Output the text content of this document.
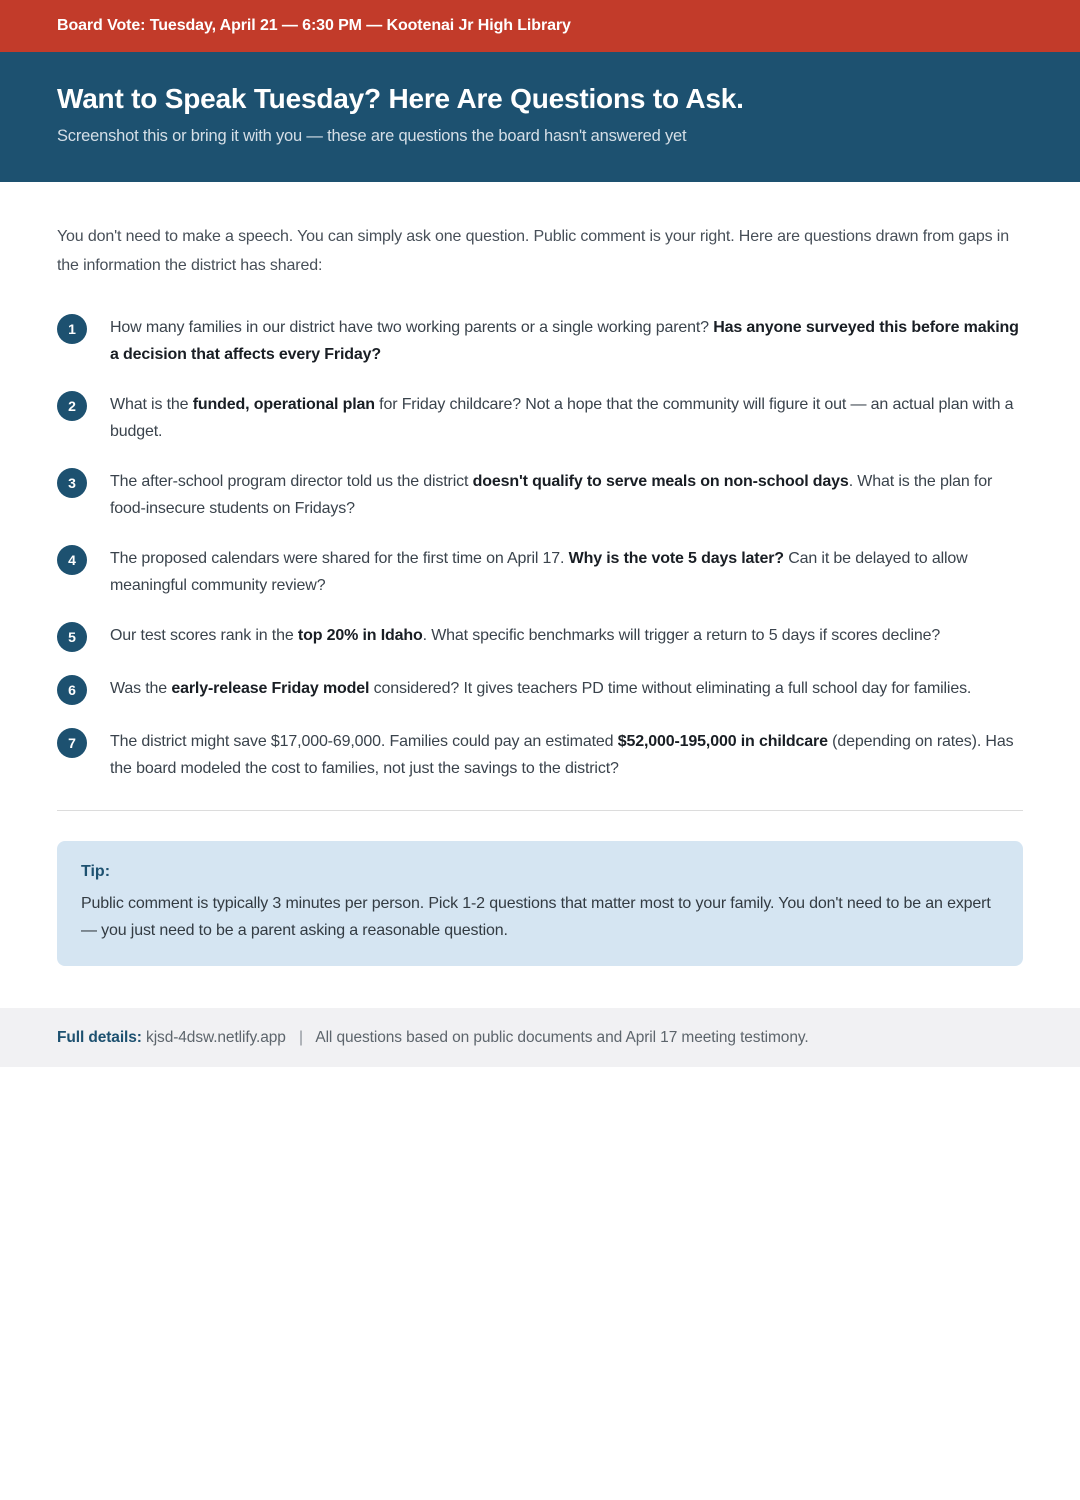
Board Vote: Tuesday, April 21 — 6:30 PM — Kootenai Jr High Library
Want to Speak Tuesday? Here Are Questions to Ask.

Screenshot this or bring it with you — these are questions the board hasn't answered yet

You don't need to make a speech. You can simply ask one question. Public comment is your right. Here are questions drawn from gaps in the information the district has shared:

1	How many families in our district have two working parents or a single working parent? Has anyone surveyed this before making a decision that affects every Friday?
2	What is the funded, operational plan for Friday childcare? Not a hope that the community will figure it out — an actual plan with a budget.
3	The after-school program director told us the district doesn't qualify to serve meals on non-school days. What is the plan for food-insecure students on Fridays?
4	The proposed calendars were shared for the first time on April 17. Why is the vote 5 days later? Can it be delayed to allow meaningful community review?
5	Our test scores rank in the top 20% in Idaho. What specific benchmarks will trigger a return to 5 days if scores decline?
6	Was the early-release Friday model considered? It gives teachers PD time without eliminating a full school day for families.
7	The district might save $17,000-69,000. Families could pay an estimated $52,000-195,000 in childcare (depending on rates). Has the board modeled the cost to families, not just the savings to the district?

Tip:

Public comment is typically 3 minutes per person. Pick 1-2 questions that matter most to your family. You don't need to be an expert — you just need to be a parent asking a reasonable question.

Full details: kjsd-4dsw.netlify.app | All questions based on public documents and April 17 meeting testimony.
